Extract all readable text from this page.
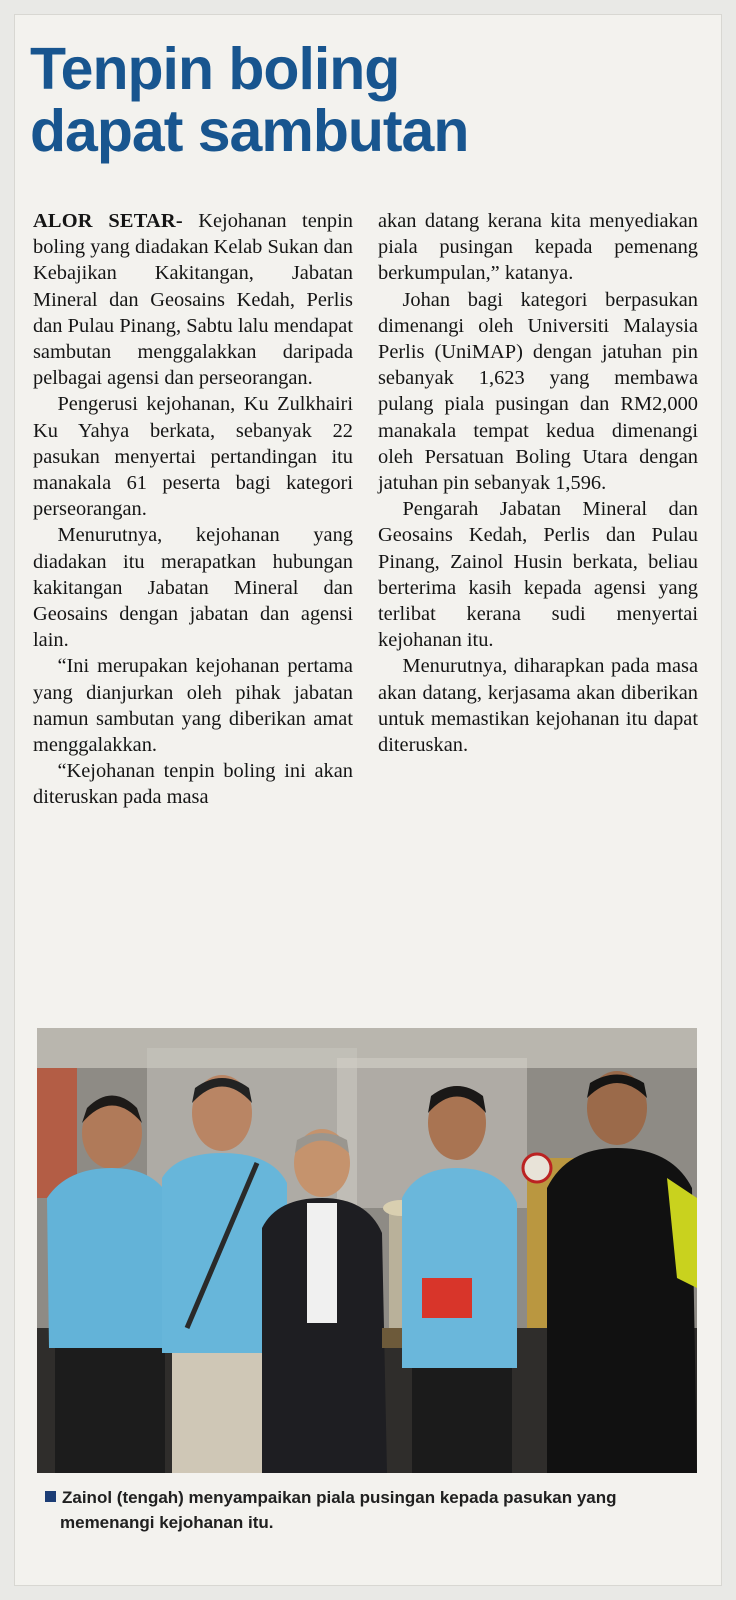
Tenpin boling
dapat sambutan

ALOR SETAR- Kejohanan tenpin boling yang diadakan Kelab Sukan dan Kebajikan Kakitangan, Jabatan Mineral dan Geosains Kedah, Perlis dan Pulau Pinang, Sabtu lalu mendapat sambutan menggalakkan daripada pelbagai agensi dan perseorangan.

Pengerusi kejohanan, Ku Zulkhairi Ku Yahya berkata, sebanyak 22 pasukan menyertai pertandingan itu manakala 61 peserta bagi kategori perseorangan.

Menurutnya, kejohanan yang diadakan itu merapatkan hubungan kakitangan Jabatan Mineral dan Geosains dengan jabatan dan agensi lain.

“Ini merupakan kejohanan pertama yang dianjurkan oleh pihak jabatan namun sambutan yang diberikan amat menggalakkan.

“Kejohanan tenpin boling ini akan diteruskan pada masa

akan datang kerana kita menyediakan piala pusingan kepada pemenang berkumpulan,” katanya.

Johan bagi kategori berpasukan dimenangi oleh Universiti Malaysia Perlis (UniMAP) dengan jatuhan pin sebanyak 1,623 yang membawa pulang piala pusingan dan RM2,000 manakala tempat kedua dimenangi oleh Persatuan Boling Utara dengan jatuhan pin sebanyak 1,596.

Pengarah Jabatan Mineral dan Geosains Kedah, Perlis dan Pulau Pinang, Zainol Husin berkata, beliau berterima kasih kepada agensi yang terlibat kerana sudi menyertai kejohanan itu.

Menurutnya, diharapkan pada masa akan datang, kerjasama akan diberikan untuk memastikan kejohanan itu dapat diteruskan.

Zainol (tengah) menyampaikan piala pusingan kepada pasukan yang
memenangi kejohanan itu.
